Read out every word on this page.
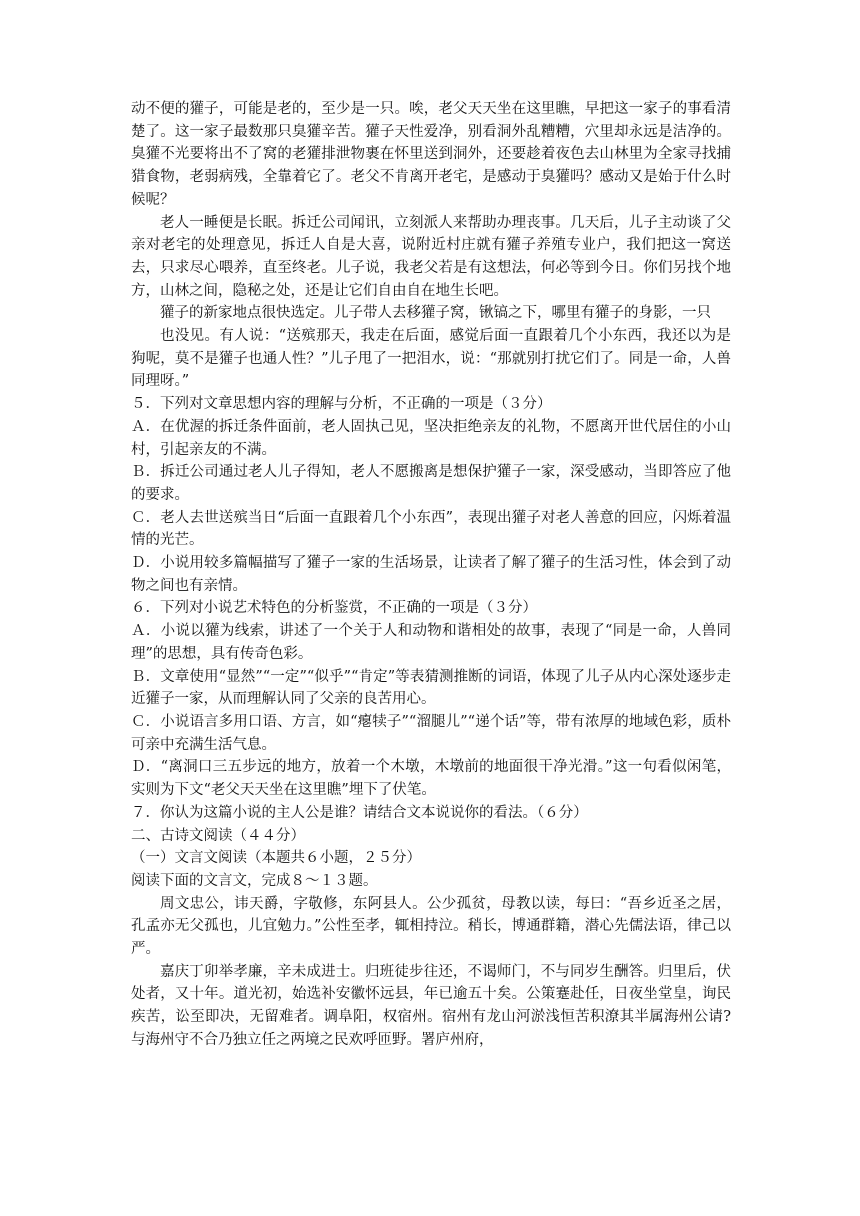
动不便的獾子，可能是老的，至少是一只。唉，老父天天坐在这里瞧，早把这一家子的事看清楚了。这一家子最数那只臭獾辛苦。獾子天性爱净，别看洞外乱糟糟，穴里却永远是洁净的。臭獾不光要将出不了窝的老獾排泄物裹在怀里送到洞外，还要趁着夜色去山林里为全家寻找捕猎食物，老弱病残，全靠着它了。老父不肯离开老宅，是感动于臭獾吗？感动又是始于什么时候呢？

老人一睡便是长眠。拆迁公司闻讯，立刻派人来帮助办理丧事。几天后，儿子主动谈了父亲对老宅的处理意见，拆迁人自是大喜，说附近村庄就有獾子养殖专业户，我们把这一窝送去，只求尽心喂养，直至终老。儿子说，我老父若是有这想法，何必等到今日。你们另找个地方，山林之间，隐秘之处，还是让它们自由自在地生长吧。

獾子的新家地点很快选定。儿子带人去移獾子窝，锹镐之下，哪里有獾子的身影，一只

也没见。有人说：“送殡那天，我走在后面，感觉后面一直跟着几个小东西，我还以为是狗呢，莫不是獾子也通人性？”儿子甩了一把泪水，说：“那就别打扰它们了。同是一命，人兽同理呀。”

５．下列对文章思想内容的理解与分析，不正确的一项是（３分）

Ａ．在优渥的拆迁条件面前，老人固执己见，坚决拒绝亲友的礼物，不愿离开世代居住的小山村，引起亲友的不满。

Ｂ．拆迁公司通过老人儿子得知，老人不愿搬离是想保护獾子一家，深受感动，当即答应了他的要求。

Ｃ．老人去世送殡当日“后面一直跟着几个小东西”，表现出獾子对老人善意的回应，闪烁着温情的光芒。

Ｄ．小说用较多篇幅描写了獾子一家的生活场景，让读者了解了獾子的生活习性，体会到了动物之间也有亲情。

６．下列对小说艺术特色的分析鉴赏，不正确的一项是（３分）

Ａ．小说以獾为线索，讲述了一个关于人和动物和谐相处的故事，表现了“同是一命，人兽同理”的思想，具有传奇色彩。

Ｂ．文章使用“显然”“一定”“似乎”“肯定”等表猜测推断的词语，体现了儿子从内心深处逐步走近獾子一家，从而理解认同了父亲的良苦用心。

Ｃ．小说语言多用口语、方言，如“瘪犊子”“溜腿儿”“递个话”等，带有浓厚的地域色彩，质朴可亲中充满生活气息。

Ｄ．“离洞口三五步远的地方，放着一个木墩，木墩前的地面很干净光滑。”这一句看似闲笔，实则为下文“老父天天坐在这里瞧”埋下了伏笔。

７．你认为这篇小说的主人公是谁？请结合文本说说你的看法。（６分）

二、古诗文阅读（４４分）

（一）文言文阅读（本题共６小题，２５分）

阅读下面的文言文，完成８～１３题。

周文忠公，讳天爵，字敬修，东阿县人。公少孤贫，母教以读，每曰：“吾乡近圣之居，孔孟亦无父孤也，儿宜勉力。”公性至孝，辄相持泣。稍长，博通群籍，潜心先儒法语，律己以严。

嘉庆丁卯举孝廉，辛未成进士。归班徒步往还，不谒师门，不与同岁生酬答。归里后，伏处者，又十年。道光初，始选补安徽怀远县，年已逾五十矣。公策蹇赴任，日夜坐堂皇，询民疾苦，讼至即决，无留难者。调阜阳，权宿州。宿州有龙山河淤浅恒苦积潦其半属海州公请?与海州守不合乃独立任之两境之民欢呼匝野。署庐州府，
